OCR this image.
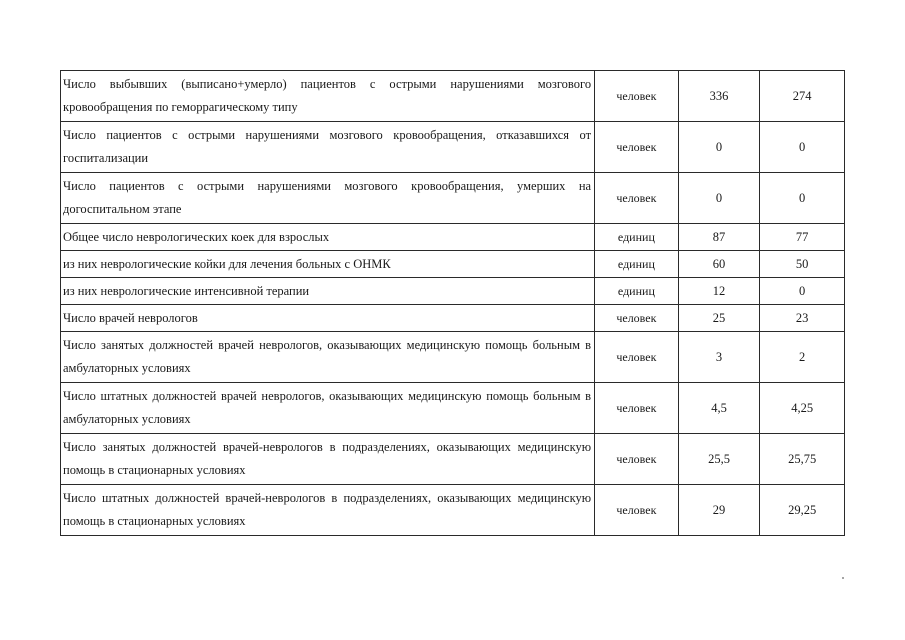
Число выбывших (выписано+умерло) пациентов с острыми нарушениями мозгового кровообращения по геморрагическому типу	человек	336	274
Число пациентов с острыми нарушениями мозгового кровообращения, отказавшихся от госпитализации	человек	0	0
Число пациентов с острыми нарушениями мозгового кровообращения, умерших на догоспитальном этапе	человек	0	0
Общее число неврологических коек для взрослых	единиц	87	77
из них неврологические койки для лечения больных с ОНМК	единиц	60	50
из них неврологические интенсивной терапии	единиц	12	0
Число врачей неврологов	человек	25	23
Число занятых должностей врачей неврологов, оказывающих медицинскую помощь больным в амбулаторных условиях	человек	3	2
Число штатных должностей врачей неврологов, оказывающих медицинскую помощь больным в амбулаторных условиях	человек	4,5	4,25
Число занятых должностей врачей-неврологов в подразделениях, оказывающих медицинскую помощь в стационарных условиях	человек	25,5	25,75
Число штатных должностей врачей-неврологов в подразделениях, оказывающих медицинскую помощь в стационарных условиях	человек	29	29,25
